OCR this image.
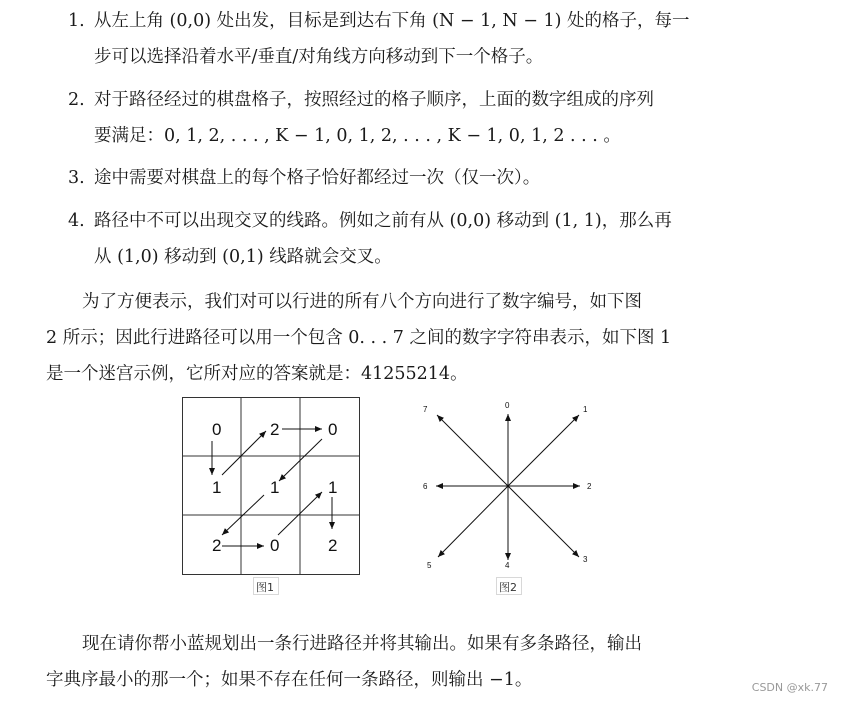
1. 从左上角 (0,0) 处出发，目标是到达右下角 (N − 1, N − 1) 处的格子，每一
步可以选择沿着水平/垂直/对角线方向移动到下一个格子。
2. 对于路径经过的棋盘格子，按照经过的格子顺序，上面的数字组成的序列
要满足：0, 1, 2, . . . , K − 1, 0, 1, 2, . . . , K − 1, 0, 1, 2 . . . 。
3. 途中需要对棋盘上的每个格子恰好都经过一次（仅一次）。
4. 路径中不可以出现交叉的线路。例如之前有从 (0,0) 移动到 (1, 1)，那么再
从 (1,0) 移动到 (0,1) 线路就会交叉。
为了方便表示，我们对可以行进的所有八个方向进行了数字编号，如下图
2 所示；因此行进路径可以用一个包含 0. . . 7 之间的数字字符串表示，如下图 1
是一个迷宫示例，它所对应的答案就是：41255214。
0	2	0
1	1	1
2	0	2
图1
0	1
2
3
4
5
6
7
图2
现在请你帮小蓝规划出一条行进路径并将其输出。如果有多条路径，输出
字典序最小的那一个；如果不存在任何一条路径，则输出 −1。	CSDN @xk.77
